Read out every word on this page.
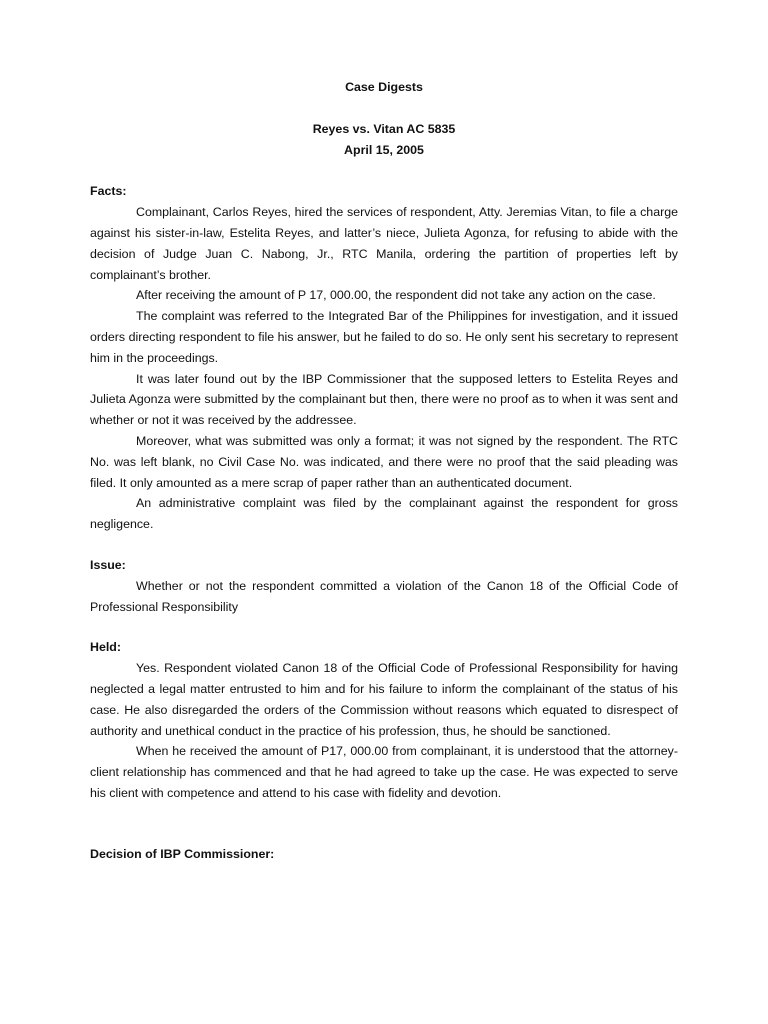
Case Digests

Reyes vs. Vitan AC 5835

April 15, 2005

Facts:

Complainant, Carlos Reyes, hired the services of respondent, Atty. Jeremias Vitan, to file a charge against his sister-in-law, Estelita Reyes, and latter’s niece, Julieta Agonza, for refusing to abide with the decision of Judge Juan C. Nabong, Jr., RTC Manila, ordering the partition of properties left by complainant’s brother.

After receiving the amount of P 17, 000.00, the respondent did not take any action on the case.

The complaint was referred to the Integrated Bar of the Philippines for investigation, and it issued orders directing respondent to file his answer, but he failed to do so. He only sent his secretary to represent him in the proceedings.

It was later found out by the IBP Commissioner that the supposed letters to Estelita Reyes and Julieta Agonza were submitted by the complainant but then, there were no proof as to when it was sent and whether or not it was received by the addressee.

Moreover, what was submitted was only a format; it was not signed by the respondent. The RTC No. was left blank, no Civil Case No. was indicated, and there were no proof that the said pleading was filed. It only amounted as a mere scrap of paper rather than an authenticated document.

An administrative complaint was filed by the complainant against the respondent for gross negligence.

Issue:

Whether or not the respondent committed a violation of the Canon 18 of the Official Code of Professional Responsibility

Held:

Yes. Respondent violated Canon 18 of the Official Code of Professional Responsibility for having neglected a legal matter entrusted to him and for his failure to inform the complainant of the status of his case. He also disregarded the orders of the Commission without reasons which equated to disrespect of authority and unethical conduct in the practice of his profession, thus, he should be sanctioned.

When he received the amount of P17, 000.00 from complainant, it is understood that the attorney-client relationship has commenced and that he had agreed to take up the case. He was expected to serve his client with competence and attend to his case with fidelity and devotion.

Decision of IBP Commissioner:
